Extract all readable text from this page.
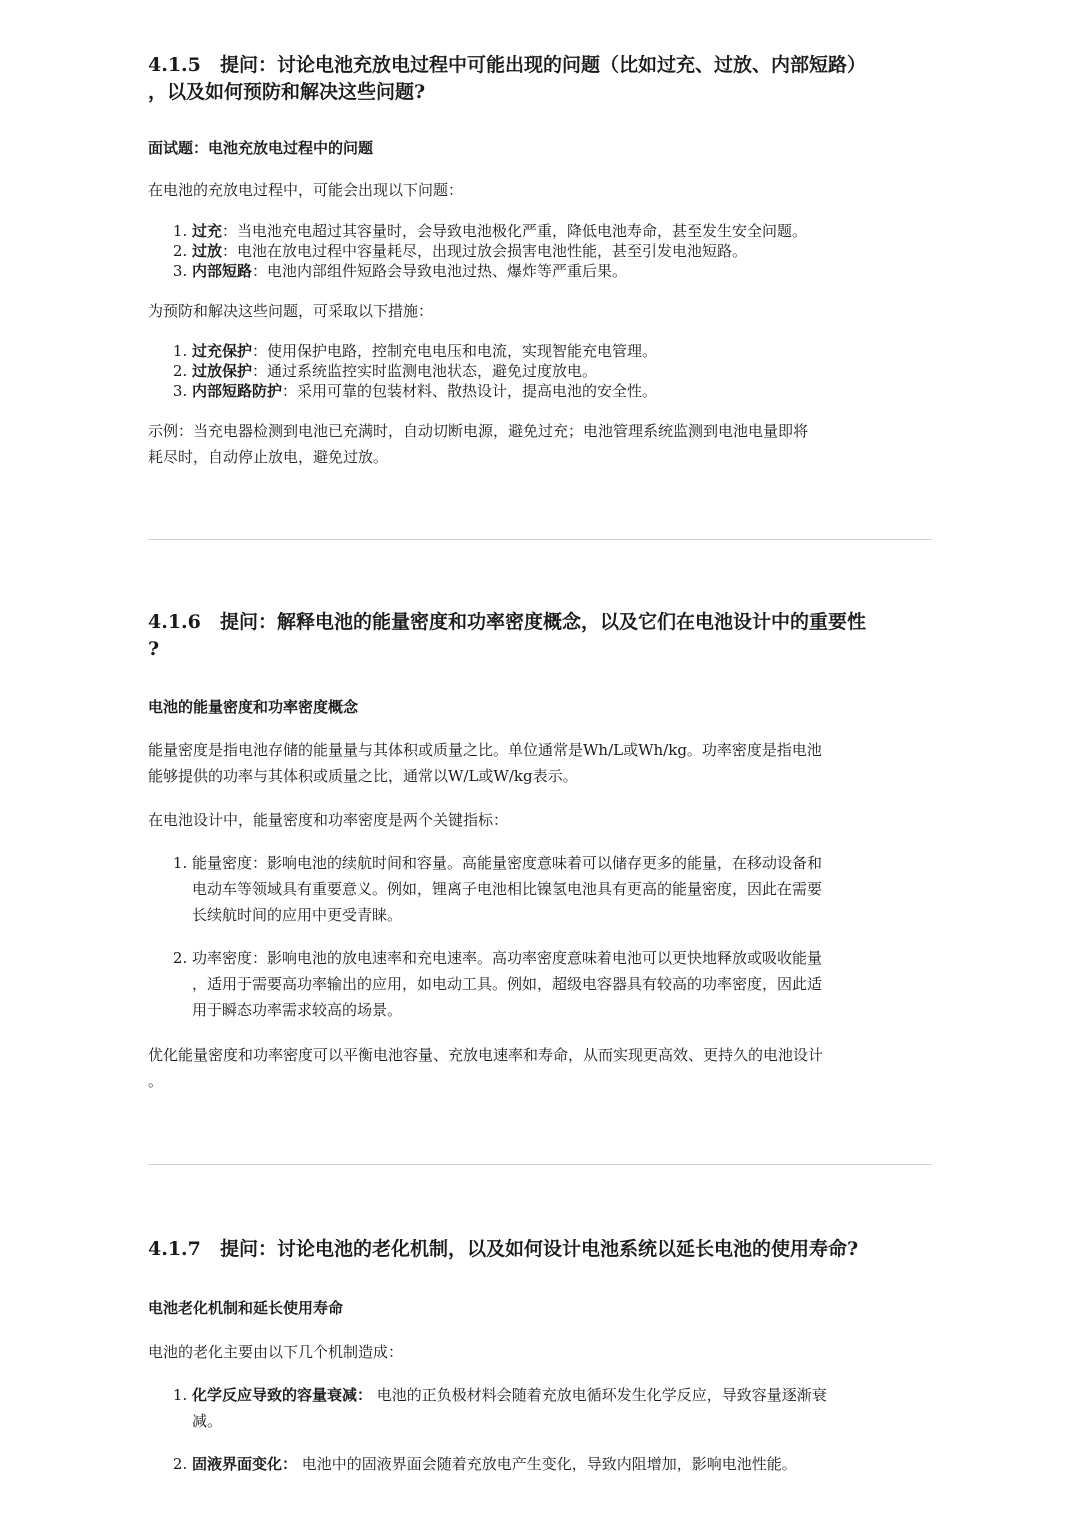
4.1.5 提问：讨论电池充放电过程中可能出现的问题（比如过充、过放、内部短路）
，以及如何预防和解决这些问题?
面试题：电池充放电过程中的问题

在电池的充放电过程中，可能会出现以下问题：

1. 过充：当电池充电超过其容量时，会导致电池极化严重，降低电池寿命，甚至发生安全问题。
2. 过放：电池在放电过程中容量耗尽，出现过放会损害电池性能，甚至引发电池短路。
3. 内部短路：电池内部组件短路会导致电池过热、爆炸等严重后果。

为预防和解决这些问题，可采取以下措施：

1. 过充保护：使用保护电路，控制充电电压和电流，实现智能充电管理。
2. 过放保护：通过系统监控实时监测电池状态，避免过度放电。
3. 内部短路防护：采用可靠的包装材料、散热设计，提高电池的安全性。

示例：当充电器检测到电池已充满时，自动切断电源，避免过充；电池管理系统监测到电池电量即将
耗尽时，自动停止放电，避免过放。

4.1.6 提问：解释电池的能量密度和功率密度概念，以及它们在电池设计中的重要性
?
电池的能量密度和功率密度概念

能量密度是指电池存储的能量量与其体积或质量之比。单位通常是Wh/L或Wh/kg。功率密度是指电池
能够提供的功率与其体积或质量之比，通常以W/L或W/kg表示。

在电池设计中，能量密度和功率密度是两个关键指标：

1. 能量密度：影响电池的续航时间和容量。高能量密度意味着可以储存更多的能量，在移动设备和
电动车等领域具有重要意义。例如，锂离子电池相比镍氢电池具有更高的能量密度，因此在需要
长续航时间的应用中更受青睐。
2. 功率密度：影响电池的放电速率和充电速率。高功率密度意味着电池可以更快地释放或吸收能量
，适用于需要高功率输出的应用，如电动工具。例如，超级电容器具有较高的功率密度，因此适
用于瞬态功率需求较高的场景。

优化能量密度和功率密度可以平衡电池容量、充放电速率和寿命，从而实现更高效、更持久的电池设计
。

4.1.7 提问：讨论电池的老化机制，以及如何设计电池系统以延长电池的使用寿命?
电池老化机制和延长使用寿命

电池的老化主要由以下几个机制造成：

1. 化学反应导致的容量衰减： 电池的正负极材料会随着充放电循环发生化学反应，导致容量逐渐衰
减。
2. 固液界面变化： 电池中的固液界面会随着充放电产生变化，导致内阻增加，影响电池性能。
